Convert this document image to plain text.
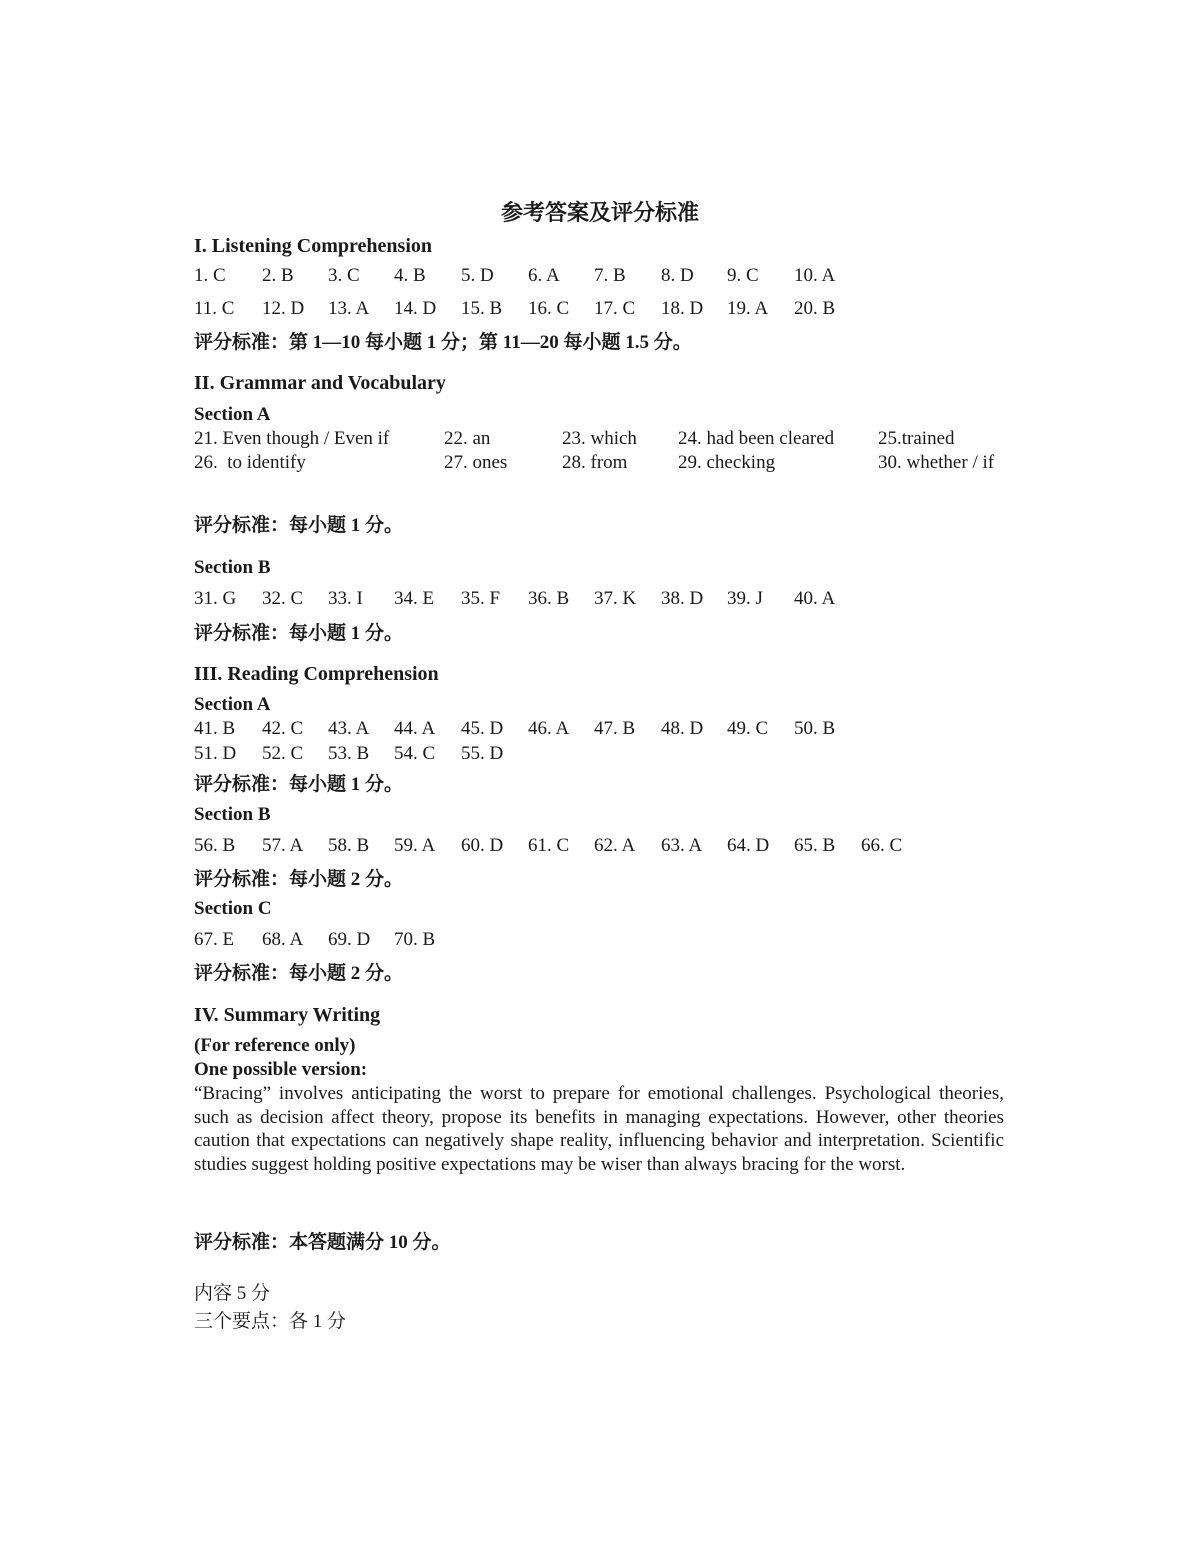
参考答案及评分标准
I. Listening Comprehension
1. C 2. B 3. C 4. B 5. D 6. A 7. B 8. D 9. C 10. A
11. C 12. D 13. A 14. D 15. B 16. C 17. C 18. D 19. A 20. B
评分标准：第 1—10 每小题 1 分；第 11—20 每小题 1.5 分。
II. Grammar and Vocabulary
Section A
21. Even though / Even if	22. an	23. which 24. had been cleared 25.trained
26.  to identify	27. ones	28. from	29. checking	30. whether / if
评分标准：每小题 1 分。
Section B
31. G 32. C 33. I 34. E 35. F 36. B 37. K 38. D 39. J 40. A
评分标准：每小题 1 分。
III. Reading Comprehension
Section A
41. B 42. C 43. A 44. A 45. D 46. A 47. B 48. D 49. C 50. B
51. D 52. C 53. B 54. C 55. D
评分标准：每小题 1 分。
Section B
56. B 57. A 58. B 59. A 60. D 61. C 62. A 63. A 64. D 65. B 66. C
评分标准：每小题 2 分。
Section C
67. E 68. A 69. D 70. B
评分标准：每小题 2 分。
IV. Summary Writing
(For reference only)
One possible version:
“Bracing” involves anticipating the worst to prepare for emotional challenges. Psychological theories, such as decision affect theory, propose its benefits in managing expectations. However, other theories caution that expectations can negatively shape reality, influencing behavior and interpretation. Scientific studies suggest holding positive expectations may be wiser than always bracing for the worst.
评分标准：本答题满分 10 分。
内容 5 分
三个要点：各 1 分
